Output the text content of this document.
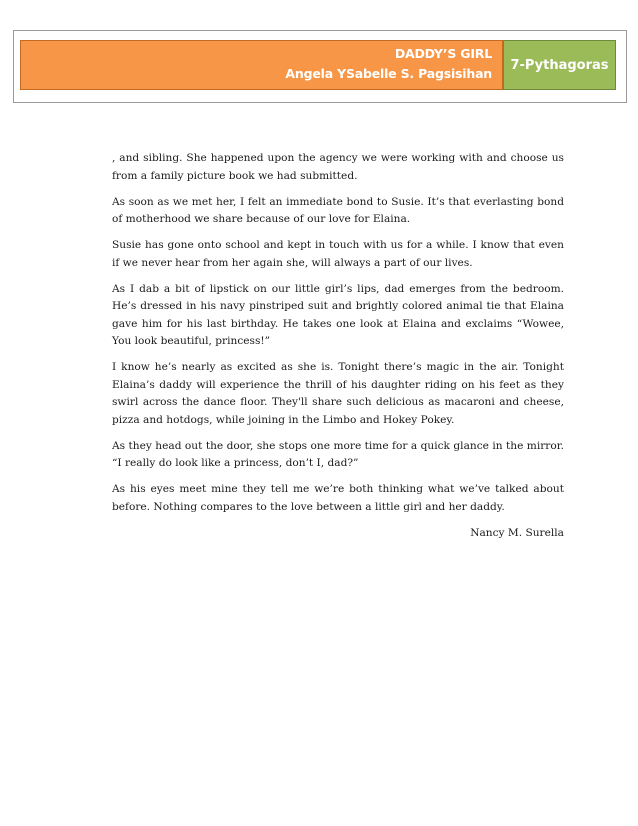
DADDY’S GIRL
Angela YSabelle S. Pagsisihan
7-Pythagoras

, and sibling. She happened upon the agency we were working with and choose us from a family picture book we had submitted.

As soon as we met her, I felt an immediate bond to Susie. It’s that everlasting bond of motherhood we share because of our love for Elaina.

Susie has gone onto school and kept in touch with us for a while. I know that even if we never hear from her again she, will always a part of our lives.

As I dab a bit of lipstick on our little girl’s lips, dad emerges from the bedroom. He’s dressed in his navy pinstriped suit and brightly colored animal tie that Elaina gave him for his last birthday. He takes one look at Elaina and exclaims “Wowee, You look beautiful, princess!”

I know he’s nearly as excited as she is. Tonight there’s magic in the air. Tonight Elaina’s daddy will experience the thrill of his daughter riding on his feet as they swirl across the dance floor. They'll share such delicious as macaroni and cheese, pizza and hotdogs, while joining in the Limbo and Hokey Pokey.

As they head out the door, she stops one more time for a quick glance in the mirror. “I really do look like a princess, don’t I, dad?”

As his eyes meet mine they tell me we’re both thinking what we’ve talked about before. Nothing compares to the love between a little girl and her daddy.

Nancy M. Surella
